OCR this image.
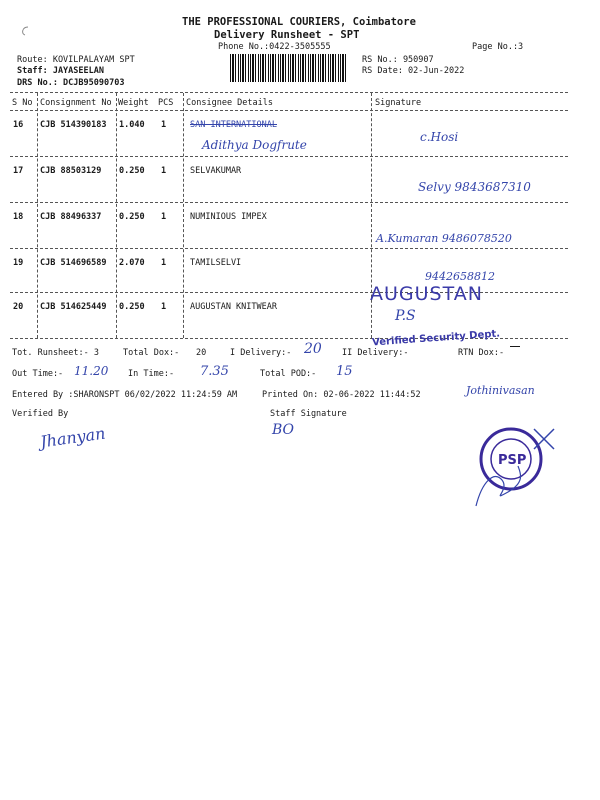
THE PROFESSIONAL COURIERS, Coimbatore
Delivery Runsheet - SPT
Phone No.:0422-3505555	Page No.:3
Route: KOVILPALAYAM SPT
Staff: JAYASEELAN
DRS No.: DCJB95090703
RS No.: 950907
RS Date: 02-Jun-2022
S No Consignment No Weight PCS Consignee Details	Signature
16 CJB 514390183 1.040 1	SAN INTERNATIONAL
Adithya Dogfrute
c.Hosi
17 CJB 88503129 0.250 1	SELVAKUMAR
Selvy 9843687310
18 CJB 88496337 0.250 1	NUMINIOUS IMPEX
A.Kumaran 9486078520
19 CJB 514696589 2.070 1	TAMILSELVI
9442658812
20 CJB 514625449 0.250 1	AUGUSTAN KNITWEAR
P.S
AUGUSTAN
Verified Security Dept.
Tot. Runsheet:- 3	Total Dox:- 20	I Delivery:- 20 II Delivery:-	RTN Dox:-
Out Time:- 11.20 In Time:- 7.35	Total POD:- 15
Entered By :SHARONSPT 06/02/2022 11:24:59 AM	Printed On: 02-06-2022 11:44:52	Jothinivasan
Verified By	Staff Signature
Jhanyan	BO
PSP
